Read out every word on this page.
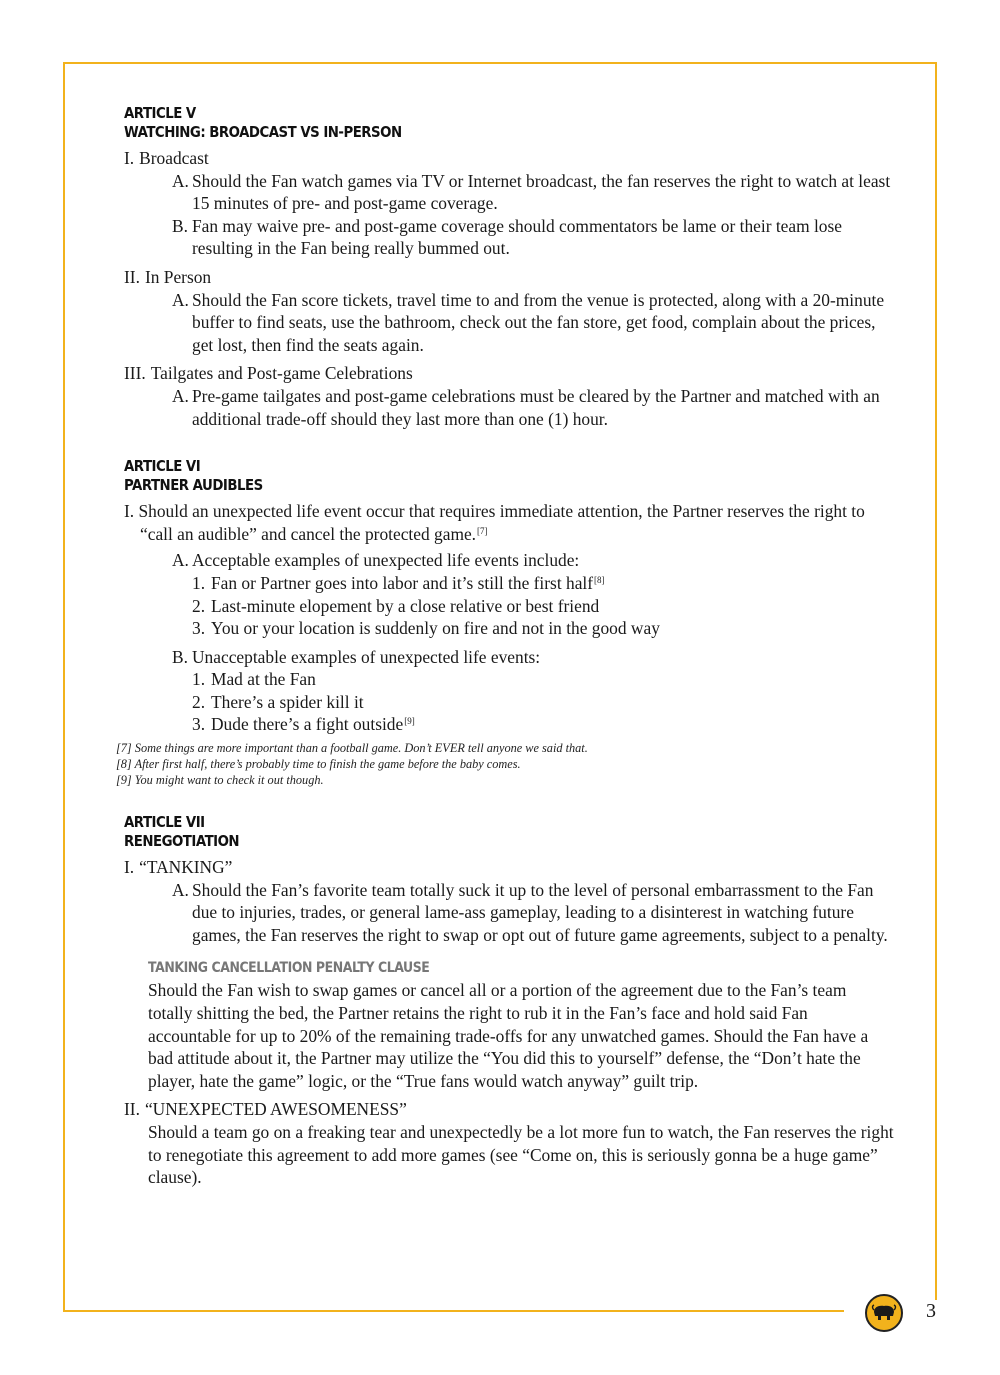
ARTICLE V
WATCHING: BROADCAST VS IN-PERSON
I. Broadcast
A. Should the Fan watch games via TV or Internet broadcast, the fan reserves the right to watch at least 15 minutes of pre- and post-game coverage.
B. Fan may waive pre- and post-game coverage should commentators be lame or their team lose resulting in the Fan being really bummed out.
II. In Person
A. Should the Fan score tickets, travel time to and from the venue is protected, along with a 20-minute buffer to find seats, use the bathroom, check out the fan store, get food, complain about the prices, get lost, then find the seats again.
III. Tailgates and Post-game Celebrations
A. Pre-game tailgates and post-game celebrations must be cleared by the Partner and matched with an additional trade-off should they last more than one (1) hour.
ARTICLE VI
PARTNER AUDIBLES
I. Should an unexpected life event occur that requires immediate attention, the Partner reserves the right to “call an audible” and cancel the protected game.[7]
A. Acceptable examples of unexpected life events include:
1. Fan or Partner goes into labor and it’s still the first half[8]
2. Last-minute elopement by a close relative or best friend
3. You or your location is suddenly on fire and not in the good way
B. Unacceptable examples of unexpected life events:
1. Mad at the Fan
2. There’s a spider kill it
3. Dude there’s a fight outside[9]
[7] Some things are more important than a football game. Don’t EVER tell anyone we said that.
[8] After first half, there’s probably time to finish the game before the baby comes.
[9] You might want to check it out though.
ARTICLE VII
RENEGOTIATION
I. “TANKING”
A. Should the Fan’s favorite team totally suck it up to the level of personal embarrassment to the Fan due to injuries, trades, or general lame-ass gameplay, leading to a disinterest in watching future games, the Fan reserves the right to swap or opt out of future game agreements, subject to a penalty.
TANKING CANCELLATION PENALTY CLAUSE
Should the Fan wish to swap games or cancel all or a portion of the agreement due to the Fan’s team totally shitting the bed, the Partner retains the right to rub it in the Fan’s face and hold said Fan accountable for up to 20% of the remaining trade-offs for any unwatched games. Should the Fan have a bad attitude about it, the Partner may utilize the “You did this to yourself” defense, the “Don’t hate the player, hate the game” logic, or the “True fans would watch anyway” guilt trip.
II. “UNEXPECTED AWESOMENESS”
Should a team go on a freaking tear and unexpectedly be a lot more fun to watch, the Fan reserves the right to renegotiate this agreement to add more games (see “Come on, this is seriously gonna be a huge game” clause).
3
